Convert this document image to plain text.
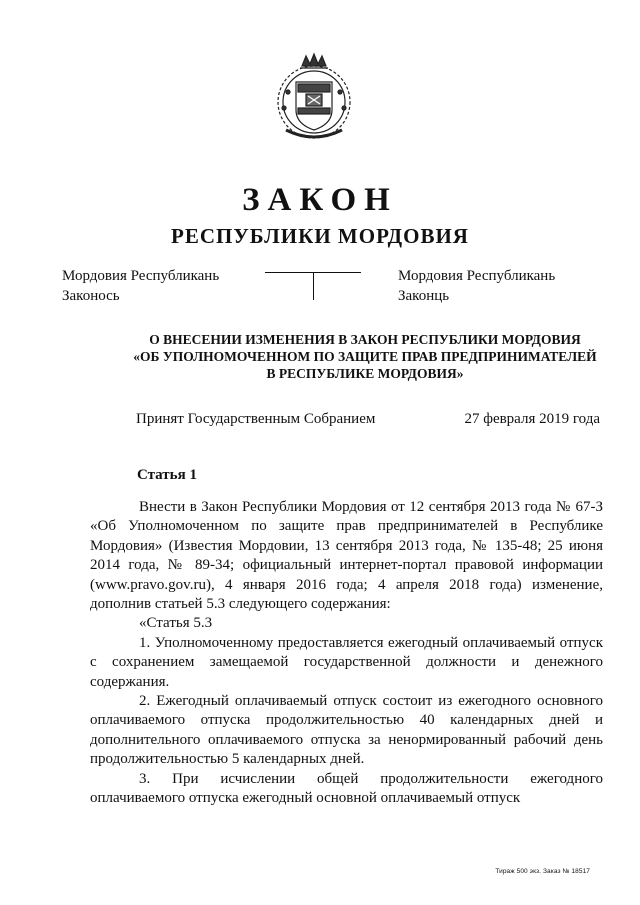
ЗАКОН
РЕСПУБЛИКИ МОРДОВИЯ
Мордовия Республикань
Законось
Мордовия Республикань
Законць
О ВНЕСЕНИИ ИЗМЕНЕНИЯ В ЗАКОН РЕСПУБЛИКИ МОРДОВИЯ
«ОБ УПОЛНОМОЧЕННОМ ПО ЗАЩИТЕ ПРАВ ПРЕДПРИНИМАТЕЛЕЙ
В РЕСПУБЛИКЕ МОРДОВИЯ»
Принят Государственным Собранием	27 февраля 2019 года
Статья 1

Внести в Закон Республики Мордовия от 12 сентября 2013 года № 67-З «Об Уполномоченном по защите прав предпринимателей в Республике Мордовия» (Известия Мордовии, 13 сентября 2013 года, № 135-48; 25 июня 2014 года, № 89-34; официальный интернет-портал правовой информации (www.pravo.gov.ru), 4 января 2016 года; 4 апреля 2018 года) изменение, дополнив статьей 5.3 следующего содержания:

«Статья 5.3

1. Уполномоченному предоставляется ежегодный оплачиваемый отпуск с сохранением замещаемой государственной должности и денежного содержания.

2. Ежегодный оплачиваемый отпуск состоит из ежегодного основного оплачиваемого отпуска продолжительностью 40 календарных дней и дополнительного оплачиваемого отпуска за ненормированный рабочий день продолжительностью 5 календарных дней.

3. При исчислении общей продолжительности ежегодного оплачиваемого отпуска ежегодный основной оплачиваемый отпуск

Тираж 500 экз. Заказ № 18517
